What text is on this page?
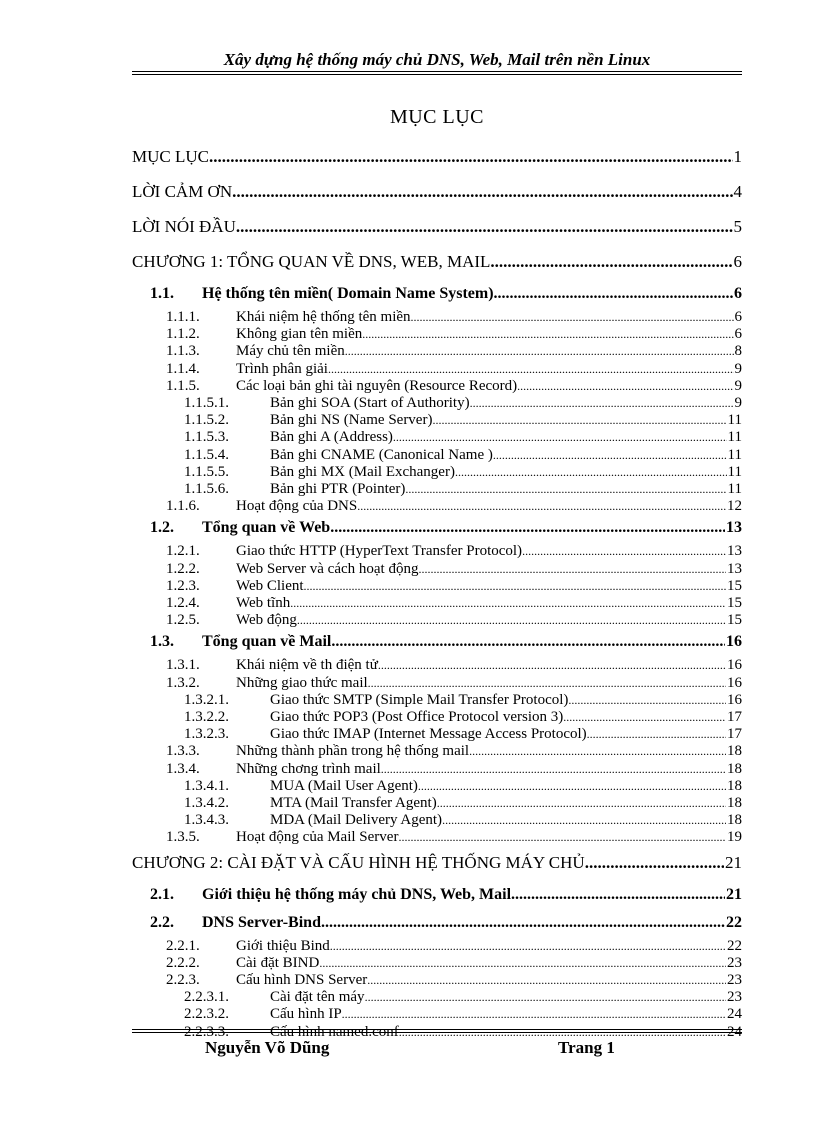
Xây dựng hệ thống máy chủ DNS, Web, Mail trên nền Linux
MỤC LỤC
MỤC LỤC .....	1
LỜI CẢM ƠN .....	4
LỜI NÓI ĐẦU .....	5
CHƯƠNG 1: TỔNG QUAN VỀ DNS, WEB, MAIL .....	6
1.1.	Hệ thống tên miền( Domain Name System) .....	6
1.1.1.	Khái niệm hệ thống tên miền .....	6
1.1.2.	Không gian tên miền .....	6
1.1.3.	Máy chủ tên miền .....	8
1.1.4.	Trình phân giải .....	9
1.1.5.	Các loại bản ghi tài nguyên (Resource Record) .....	9
1.1.5.1.	Bản ghi SOA (Start of Authority) .....	9
1.1.5.2.	Bản ghi NS (Name Server) .....	11
1.1.5.3.	Bản ghi A (Address) .....	11
1.1.5.4.	Bản ghi CNAME (Canonical Name ) .....	11
1.1.5.5.	Bản ghi MX (Mail Exchanger) .....	11
1.1.5.6.	Bản ghi PTR (Pointer) .....	11
1.1.6.	Hoạt động của DNS .....	12
1.2.	Tổng quan về Web .....	13
1.2.1.	Giao thức HTTP (HyperText Transfer Protocol) .....	13
1.2.2.	Web Server và cách hoạt động .....	13
1.2.3.	Web Client .....	15
1.2.4.	Web tĩnh .....	15
1.2.5.	Web động .....	15
1.3.	Tổng quan về Mail .....	16
1.3.1.	Khái niệm về th điện tử .....	16
1.3.2.	Những giao thức mail .....	16
1.3.2.1.	Giao thức SMTP (Simple Mail Transfer Protocol) .....	16
1.3.2.2.	Giao thức POP3 (Post Office Protocol version 3) .....	17
1.3.2.3.	Giao thức IMAP (Internet Message Access Protocol) .....	17
1.3.3.	Những thành phần trong hệ thống mail .....	18
1.3.4.	Những chơng trình mail .....	18
1.3.4.1.	MUA (Mail User Agent) .....	18
1.3.4.2.	MTA (Mail Transfer Agent) .....	18
1.3.4.3.	MDA (Mail Delivery Agent) .....	18
1.3.5.	Hoạt động của Mail Server .....	19
CHƯƠNG 2: CÀI ĐẶT VÀ CẤU HÌNH HỆ THỐNG MÁY CHỦ .....	21
2.1.	Giới thiệu hệ thống máy chủ DNS, Web, Mail .....	21
2.2.	DNS Server-Bind .....	22
2.2.1.	Giới thiệu Bind .....	22
2.2.2.	Cài đặt BIND .....	23
2.2.3.	Cấu hình DNS Server .....	23
2.2.3.1.	Cài đặt tên máy .....	23
2.2.3.2.	Cấu hình IP .....	24
2.2.3.3.	Cấu hình named.conf .....	24
Nguyễn Võ Dũng	Trang 1
